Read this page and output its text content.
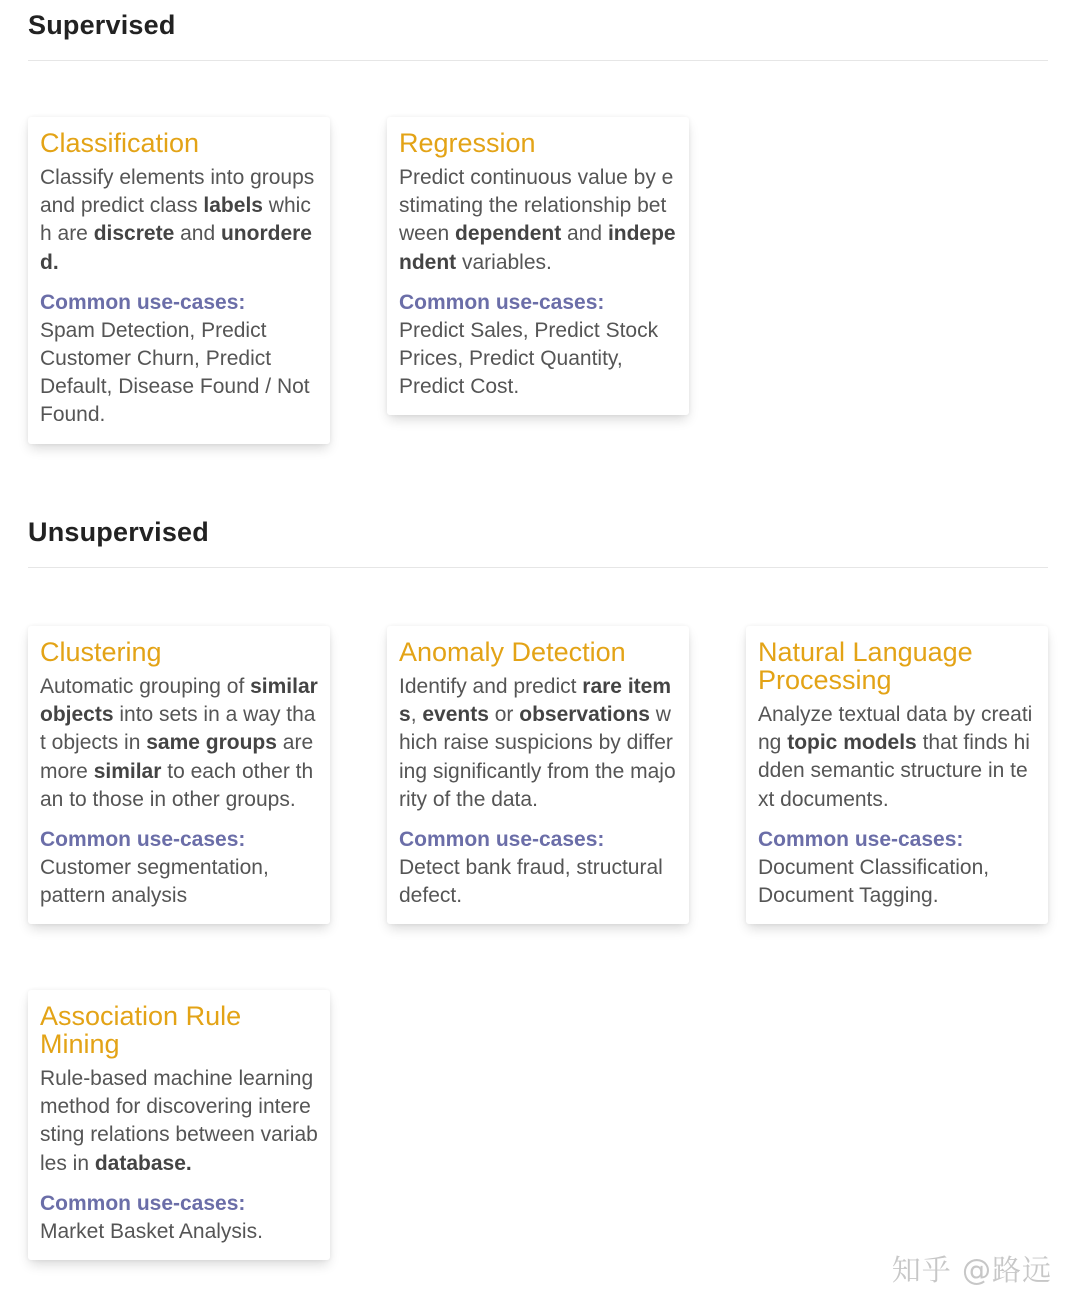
Supervised
Classification

Classify elements into groups and predict class labels which are discrete and unordered.

Common use-cases:

Spam Detection, Predict Customer Churn, Predict Default, Disease Found / Not Found.

Regression

Predict continuous value by estimating the relationship between dependent and independent variables.

Common use-cases:

Predict Sales, Predict Stock Prices, Predict Quantity, Predict Cost.

Unsupervised
Clustering

Automatic grouping of similar objects into sets in a way that objects in same groups are more similar to each other than to those in other groups.

Common use-cases:

Customer segmentation, pattern analysis

Anomaly Detection

Identify and predict rare items, events or observations which raise suspicions by differing significantly from the majority of the data.

Common use-cases:

Detect bank fraud, structural defect.

Natural Language Processing

Analyze textual data by creating topic models that finds hidden semantic structure in text documents.

Common use-cases:

Document Classification, Document Tagging.

Association Rule Mining

Rule-based machine learning method for discovering interesting relations between variables in database.

Common use-cases:

Market Basket Analysis.

知乎 @路远
